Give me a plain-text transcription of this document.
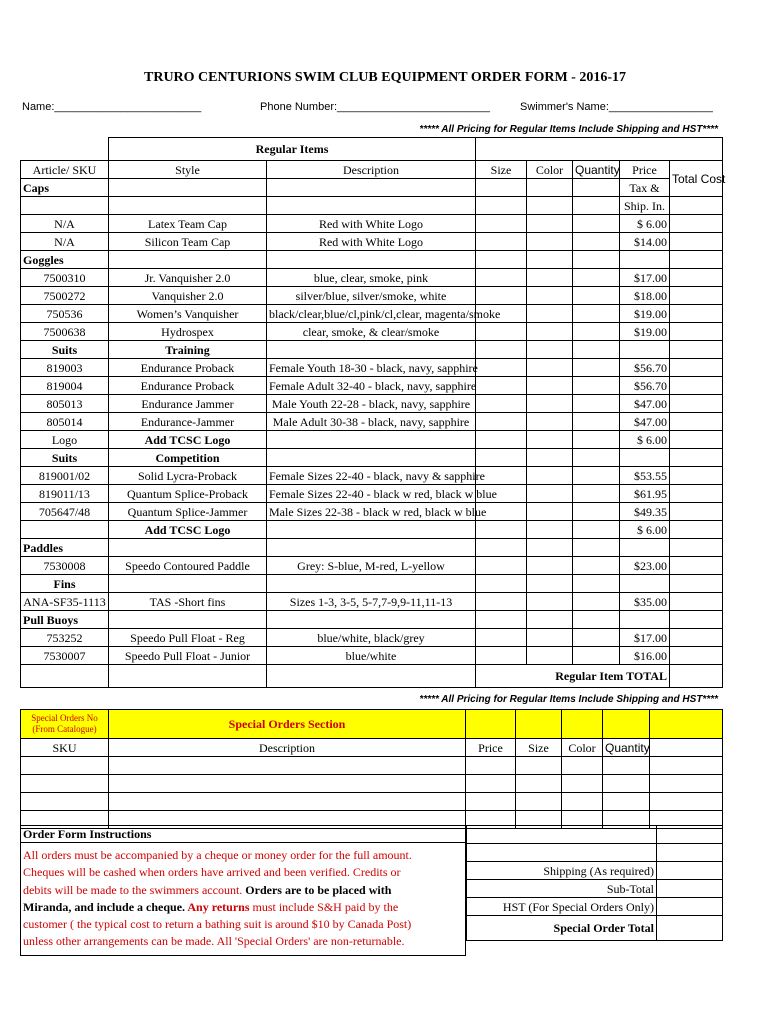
TRURO CENTURIONS SWIM CLUB EQUIPMENT ORDER FORM - 2016-17
Name:________________________	Phone Number:_________________________	Swimmer's Name:_________________
***** All Pricing for Regular Items Include Shipping and HST****
	Regular Items						
Article/ SKU	Style	Description	Size	Color	Quantity	Price	Total Cost
Caps						Tax &	
						Ship. In.	
N/A	Latex Team Cap	Red with White Logo				$ 6.00	
N/A	Silicon Team Cap	Red with White Logo				$14.00	
Goggles							
7500310	Jr. Vanquisher 2.0	blue, clear, smoke, pink				$17.00	
7500272	Vanquisher 2.0	silver/blue, silver/smoke, white				$18.00	
750536	Women’s Vanquisher	black/clear,blue/cl,pink/cl,clear, magenta/smoke				$19.00	
7500638	Hydrospex	clear, smoke, & clear/smoke				$19.00	
Suits	Training						
819003	Endurance Proback	Female Youth 18-30 - black, navy, sapphire				$56.70	
819004	Endurance Proback	Female Adult 32-40 - black, navy, sapphire				$56.70	
805013	Endurance Jammer	Male Youth 22-28 - black, navy, sapphire				$47.00	
805014	Endurance-Jammer	Male Adult 30-38 - black, navy, sapphire				$47.00	
Logo	Add TCSC Logo					$ 6.00	
Suits	Competition						
819001/02	Solid Lycra-Proback	Female Sizes 22-40 - black, navy & sapphire				$53.55	
819011/13	Quantum Splice-Proback	Female Sizes 22-40 - black w red, black w blue				$61.95	
705647/48	Quantum Splice-Jammer	Male Sizes 22-38 - black w red, black w blue				$49.35	
	Add TCSC Logo					$ 6.00	
Paddles							
7530008	Speedo Contoured Paddle	Grey: S-blue, M-red, L-yellow				$23.00	
Fins							
ANA-SF35-1113	TAS -Short fins	Sizes 1-3, 3-5, 5-7,7-9,9-11,11-13				$35.00	
Pull Buoys							
753252	Speedo Pull Float - Reg	blue/white, black/grey				$17.00	
7530007	Speedo Pull Float - Junior	blue/white				$16.00	
			Regular Item TOTAL				
***** All Pricing for Regular Items Include Shipping and HST****
Special Orders No
(From Catalogue)	Special Orders Section					
SKU	Description	Price	Size	Color	Quantity	

Order Form Instructions
All orders must be accompanied by a cheque or money order for the full amount.
Cheques will be cashed when orders have arrived and been verified. Credits or
debits will be made to the swimmers account. Orders are to be placed with
Miranda, and include a cheque. Any returns must include S&H paid by the
customer ( the typical cost to return a bathing suit is around $10 by Canada Post)
unless other arrangements can be made. All 'Special Orders' are non-returnable.

Shipping (As required)	
Sub-Total	
HST (For Special Orders Only)	
Special Order Total	
